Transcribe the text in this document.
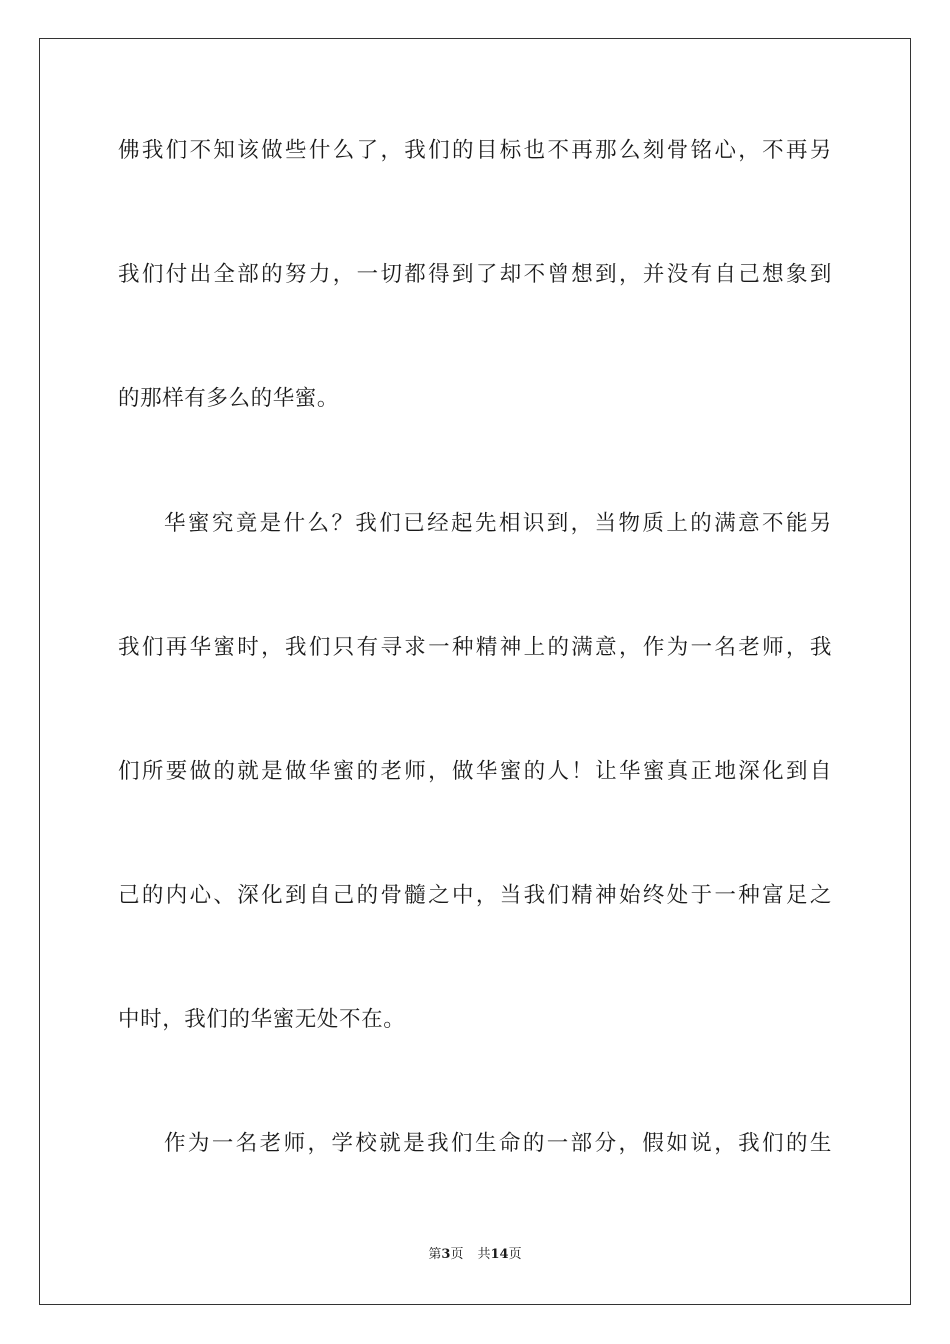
佛我们不知该做些什么了，我们的目标也不再那么刻骨铭心，不再另
我们付出全部的努力，一切都得到了却不曾想到，并没有自己想象到
的那样有多么的华蜜。
华蜜究竟是什么？我们已经起先相识到，当物质上的满意不能另
我们再华蜜时，我们只有寻求一种精神上的满意，作为一名老师，我
们所要做的就是做华蜜的老师，做华蜜的人！让华蜜真正地深化到自
己的内心、深化到自己的骨髓之中，当我们精神始终处于一种富足之
中时，我们的华蜜无处不在。
作为一名老师，学校就是我们生命的一部分，假如说，我们的生
第3页 共14页
